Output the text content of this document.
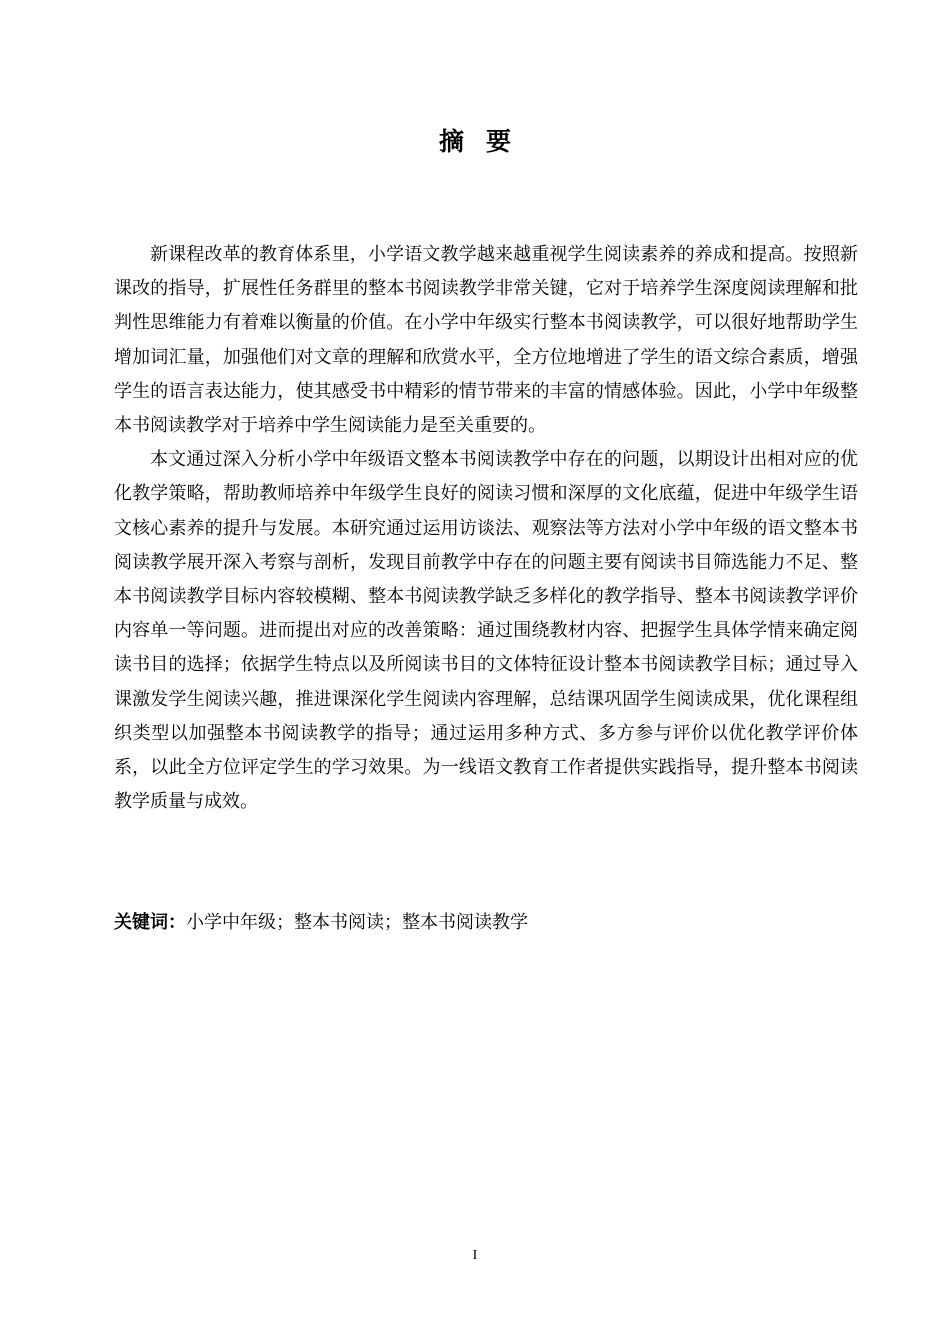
摘 要

新课程改革的教育体系里，小学语文教学越来越重视学生阅读素养的养成和提高。按照新课改的指导，扩展性任务群里的整本书阅读教学非常关键，它对于培养学生深度阅读理解和批判性思维能力有着难以衡量的价值。在小学中年级实行整本书阅读教学，可以很好地帮助学生增加词汇量，加强他们对文章的理解和欣赏水平，全方位地增进了学生的语文综合素质，增强学生的语言表达能力，使其感受书中精彩的情节带来的丰富的情感体验。因此，小学中年级整本书阅读教学对于培养中学生阅读能力是至关重要的。

本文通过深入分析小学中年级语文整本书阅读教学中存在的问题，以期设计出相对应的优化教学策略，帮助教师培养中年级学生良好的阅读习惯和深厚的文化底蕴，促进中年级学生语文核心素养的提升与发展。本研究通过运用访谈法、观察法等方法对小学中年级的语文整本书阅读教学展开深入考察与剖析，发现目前教学中存在的问题主要有阅读书目筛选能力不足、整本书阅读教学目标内容较模糊、整本书阅读教学缺乏多样化的教学指导、整本书阅读教学评价内容单一等问题。进而提出对应的改善策略：通过围绕教材内容、把握学生具体学情来确定阅读书目的选择；依据学生特点以及所阅读书目的文体特征设计整本书阅读教学目标；通过导入课激发学生阅读兴趣，推进课深化学生阅读内容理解，总结课巩固学生阅读成果，优化课程组织类型以加强整本书阅读教学的指导；通过运用多种方式、多方参与评价以优化教学评价体系，以此全方位评定学生的学习效果。为一线语文教育工作者提供实践指导，提升整本书阅读教学质量与成效。

关键词：小学中年级；整本书阅读；整本书阅读教学

I
